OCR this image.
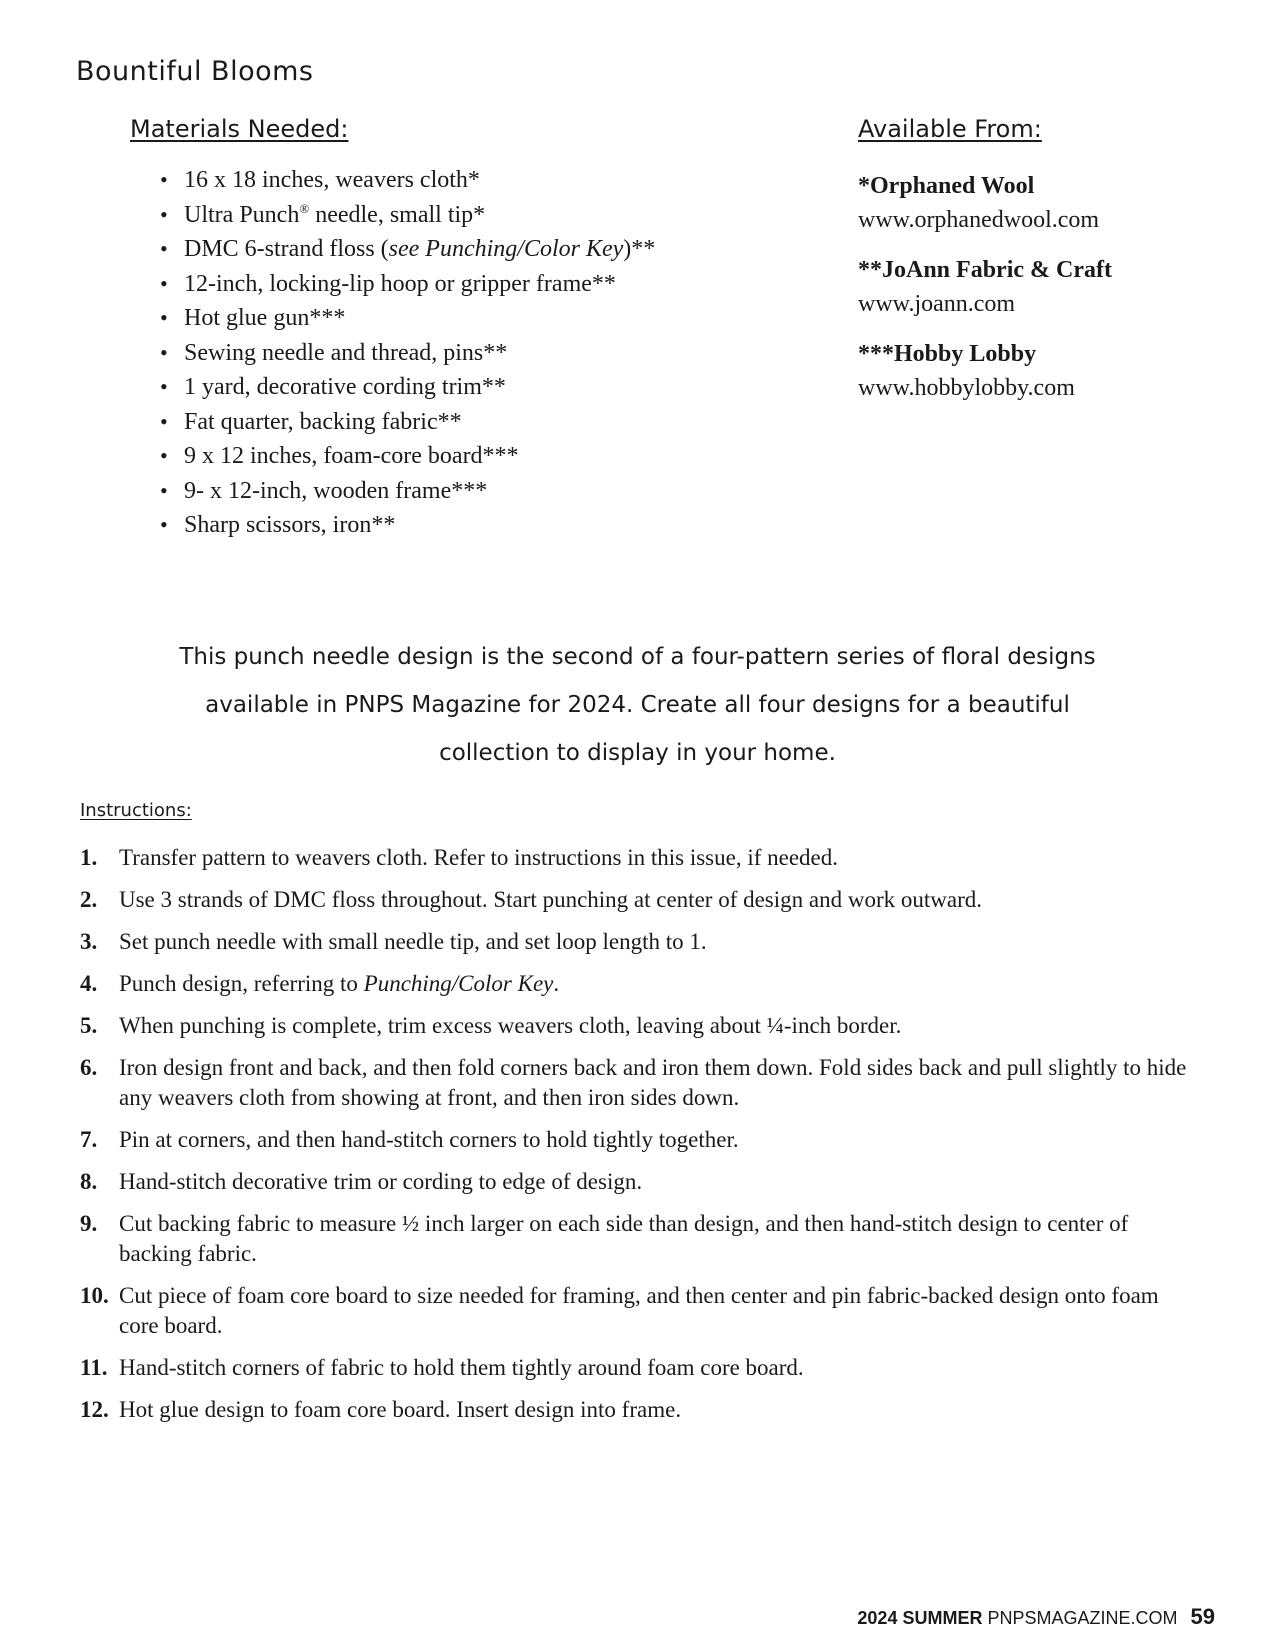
Bountiful Blooms
Materials Needed:
• 16 x 18 inches, weavers cloth*
• Ultra Punch® needle, small tip*
• DMC 6-strand floss (see Punching/Color Key)**
• 12-inch, locking-lip hoop or gripper frame**
• Hot glue gun***
• Sewing needle and thread, pins**
• 1 yard, decorative cording trim**
• Fat quarter, backing fabric**
• 9 x 12 inches, foam-core board***
• 9- x 12-inch, wooden frame***
• Sharp scissors, iron**
Available From:
*Orphaned Wool
www.orphanedwool.com
**JoAnn Fabric & Craft
www.joann.com
***Hobby Lobby
www.hobbylobby.com

This punch needle design is the second of a four-pattern series of floral designs available in PNPS Magazine for 2024. Create all four designs for a beautiful collection to display in your home.

Instructions:
1. Transfer pattern to weavers cloth. Refer to instructions in this issue, if needed.
2. Use 3 strands of DMC floss throughout. Start punching at center of design and work outward.
3. Set punch needle with small needle tip, and set loop length to 1.
4. Punch design, referring to Punching/Color Key.
5. When punching is complete, trim excess weavers cloth, leaving about ¼-inch border.
6. Iron design front and back, and then fold corners back and iron them down. Fold sides back and pull slightly to hide any weavers cloth from showing at front, and then iron sides down.
7. Pin at corners, and then hand-stitch corners to hold tightly together.
8. Hand-stitch decorative trim or cording to edge of design.
9. Cut backing fabric to measure ½ inch larger on each side than design, and then hand-stitch design to center of backing fabric.
10. Cut piece of foam core board to size needed for framing, and then center and pin fabric-backed design onto foam core board.
11. Hand-stitch corners of fabric to hold them tightly around foam core board.
12. Hot glue design to foam core board. Insert design into frame.
2024 SUMMER PNPSMAGAZINE.COM 59
